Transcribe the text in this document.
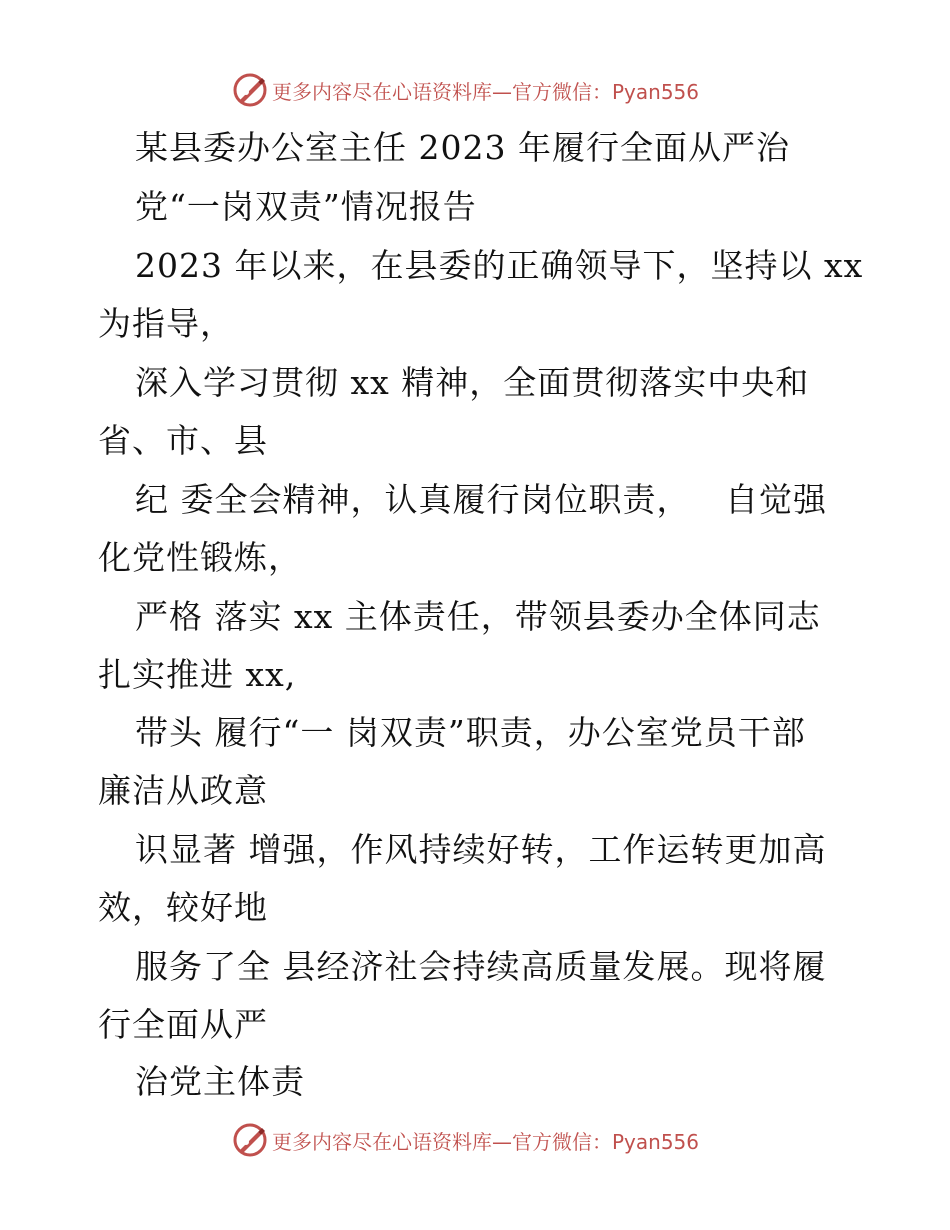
更多内容尽在心语资料库—官方微信：Pyan556
某县委办公室主任 2023 年履行全面从严治
党“一岗双责”情况报告
2023 年以来，在县委的正确领导下，坚持以 xx
为指导，
深入学习贯彻 xx 精神，全面贯彻落实中央和
省、市、县
纪 委全会精神，认真履行岗位职责，   自觉强
化党性锻炼，
严格 落实 xx 主体责任，带领县委办全体同志
扎实推进 xx,
带头 履行“一 岗双责”职责，办公室党员干部
廉洁从政意
识显著 增强，作风持续好转，工作运转更加高
效，较好地
服务了全 县经济社会持续高质量发展。现将履
行全面从严
治党主体责
更多内容尽在心语资料库—官方微信：Pyan556
